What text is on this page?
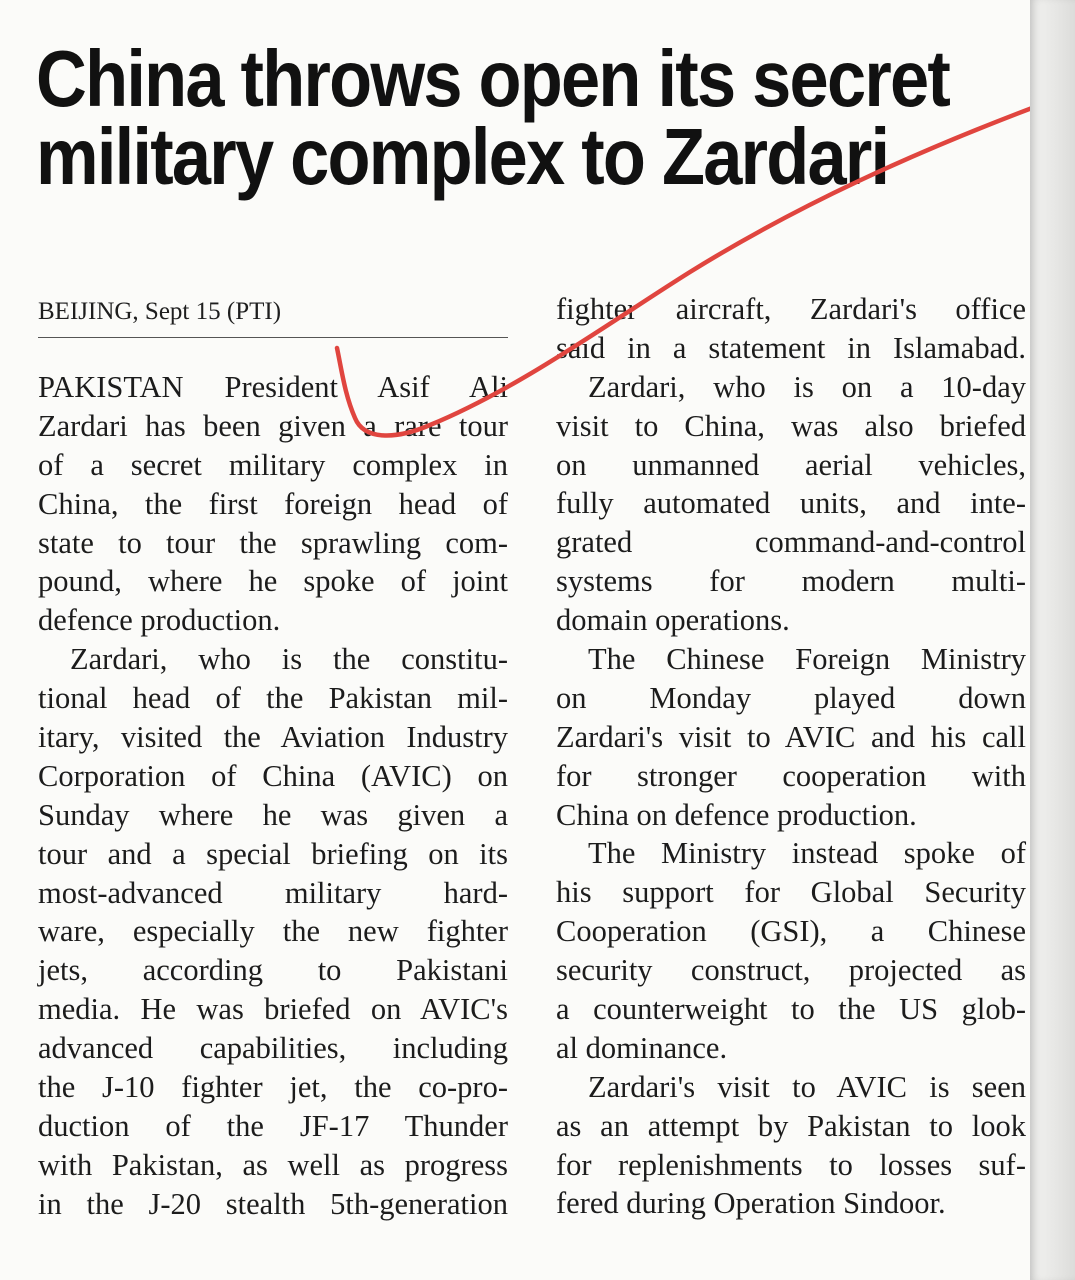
China throws open its secret
military complex to Zardari
BEIJING, Sept 15 (PTI)
PAKISTAN President Asif Ali
Zardari has been given a rare tour
of a secret military complex in
China, the first foreign head of
state to tour the sprawling com-
pound, where he spoke of joint
defence production.
Zardari, who is the constitu-
tional head of the Pakistan mil-
itary, visited the Aviation Industry
Corporation of China (AVIC) on
Sunday where he was given a
tour and a special briefing on its
most-advanced military hard-
ware, especially the new fighter
jets, according to Pakistani
media. He was briefed on AVIC's
advanced capabilities, including
the J-10 fighter jet, the co-pro-
duction of the JF-17 Thunder
with Pakistan, as well as progress
in the J-20 stealth 5th-generation
fighter aircraft, Zardari's office
said in a statement in Islamabad.
Zardari, who is on a 10-day
visit to China, was also briefed
on unmanned aerial vehicles,
fully automated units, and inte-
grated command-and-control
systems for modern multi-
domain operations.
The Chinese Foreign Ministry
on Monday played down
Zardari's visit to AVIC and his call
for stronger cooperation with
China on defence production.
The Ministry instead spoke of
his support for Global Security
Cooperation (GSI), a Chinese
security construct, projected as
a counterweight to the US glob-
al dominance.
Zardari's visit to AVIC is seen
as an attempt by Pakistan to look
for replenishments to losses suf-
fered during Operation Sindoor.
